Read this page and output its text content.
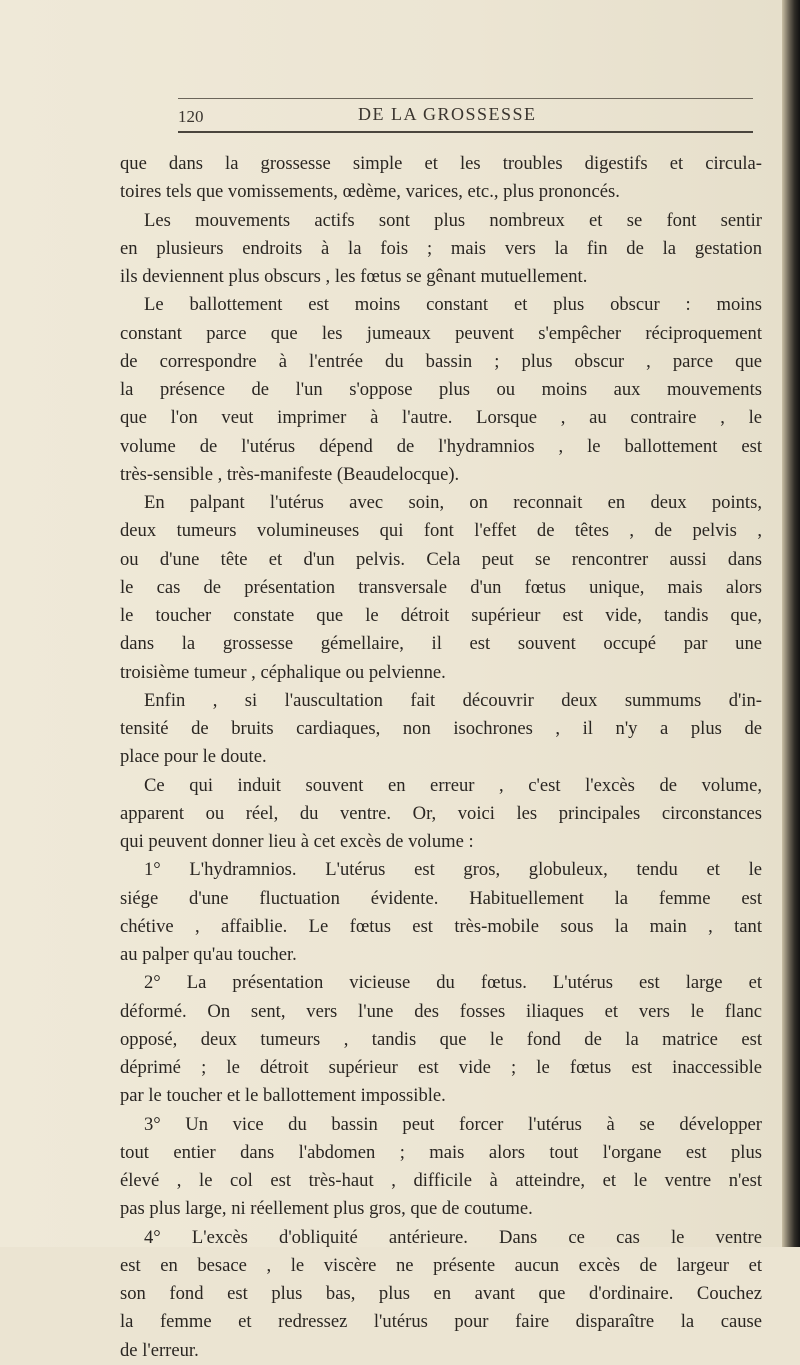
120	DE LA GROSSESSE
que dans la grossesse simple et les troubles digestifs et circula-
toires tels que vomissements, œdème, varices, etc., plus prononcés.
Les mouvements actifs sont plus nombreux et se font sentir
en plusieurs endroits à la fois ; mais vers la fin de la gestation
ils deviennent plus obscurs , les fœtus se gênant mutuellement.
Le ballottement est moins constant et plus obscur : moins
constant parce que les jumeaux peuvent s'empêcher réciproquement
de correspondre à l'entrée du bassin ; plus obscur , parce que
la présence de l'un s'oppose plus ou moins aux mouvements
que l'on veut imprimer à l'autre. Lorsque , au contraire , le
volume de l'utérus dépend de l'hydramnios , le ballottement est
très-sensible , très-manifeste (Beaudelocque).
En palpant l'utérus avec soin, on reconnait en deux points,
deux tumeurs volumineuses qui font l'effet de têtes , de pelvis ,
ou d'une tête et d'un pelvis. Cela peut se rencontrer aussi dans
le cas de présentation transversale d'un fœtus unique, mais alors
le toucher constate que le détroit supérieur est vide, tandis que,
dans la grossesse gémellaire, il est souvent occupé par une
troisième tumeur , céphalique ou pelvienne.
Enfin , si l'auscultation fait découvrir deux summums d'in-
tensité de bruits cardiaques, non isochrones , il n'y a plus de
place pour le doute.
Ce qui induit souvent en erreur , c'est l'excès de volume,
apparent ou réel, du ventre. Or, voici les principales circonstances
qui peuvent donner lieu à cet excès de volume :
1° L'hydramnios. L'utérus est gros, globuleux, tendu et le
siége d'une fluctuation évidente. Habituellement la femme est
chétive , affaiblie. Le fœtus est très-mobile sous la main , tant
au palper qu'au toucher.
2° La présentation vicieuse du fœtus. L'utérus est large et
déformé. On sent, vers l'une des fosses iliaques et vers le flanc
opposé, deux tumeurs , tandis que le fond de la matrice est
déprimé ; le détroit supérieur est vide ; le fœtus est inaccessible
par le toucher et le ballottement impossible.
3° Un vice du bassin peut forcer l'utérus à se développer
tout entier dans l'abdomen ; mais alors tout l'organe est plus
élevé , le col est très-haut , difficile à atteindre, et le ventre n'est
pas plus large, ni réellement plus gros, que de coutume.
4° L'excès d'obliquité antérieure. Dans ce cas le ventre
est en besace , le viscère ne présente aucun excès de largeur et
son fond est plus bas, plus en avant que d'ordinaire. Couchez
la femme et redressez l'utérus pour faire disparaître la cause
de l'erreur.
